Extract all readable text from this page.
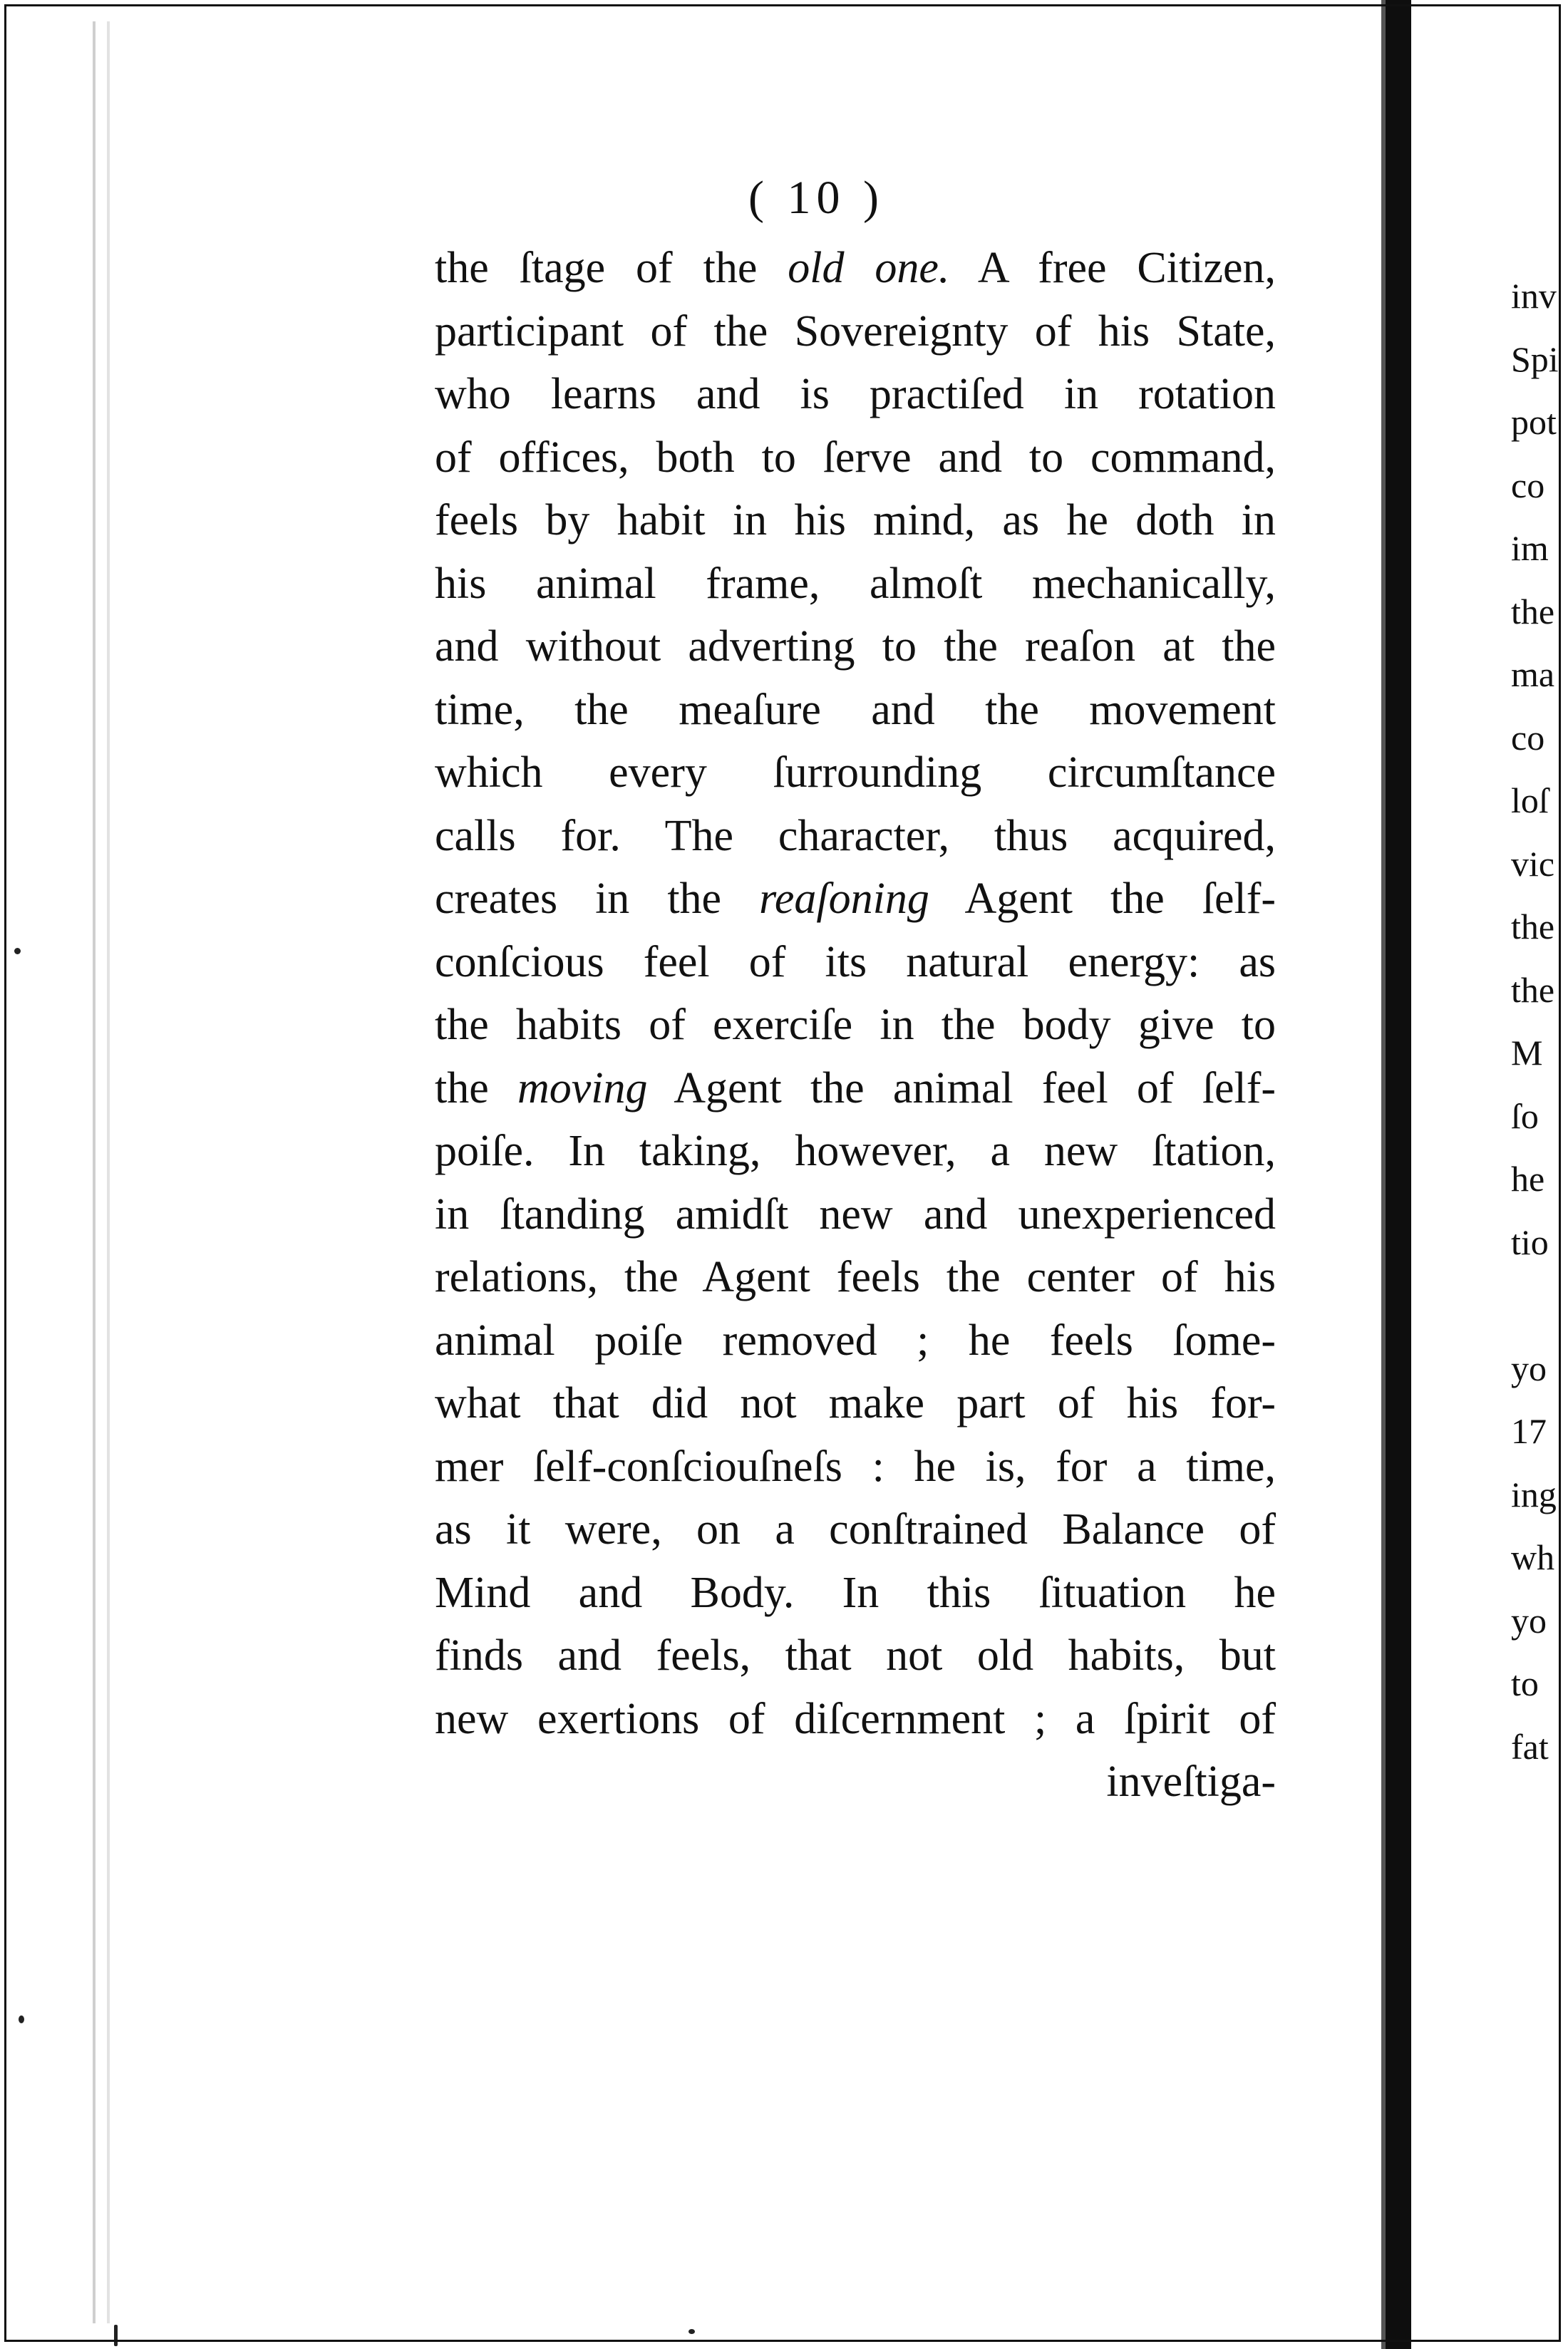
inv
Spi
pot
co
im
the
ma
co
loſ
vic
the
the
M
ſo
he
tio
yo
17
ing
wh
yo
to
fat
( 10 )
the ſtage of the old one. A free Citizen,
participant of the Sovereignty of his State,
who learns and is practiſed in rotation
of offices, both to ſerve and to command,
feels by habit in his mind, as he doth in
his animal frame, almoſt mechanically,
and without adverting to the reaſon at the
time, the meaſure and the movement
which every ſurrounding circumſtance
calls for. The character, thus acquired,
creates in the reaſoning Agent the ſelf-
conſcious feel of its natural energy: as
the habits of exerciſe in the body give to
the moving Agent the animal feel of ſelf-
poiſe. In taking, however, a new ſtation,
in ſtanding amidſt new and unexperienced
relations, the Agent feels the center of his
animal poiſe removed ; he feels ſome-
what that did not make part of his for-
mer ſelf-conſciouſneſs : he is, for a time,
as it were, on a conſtrained Balance of
Mind and Body. In this ſituation he
finds and feels, that not old habits, but
new exertions of diſcernment ; a ſpirit of
inveſtiga-
